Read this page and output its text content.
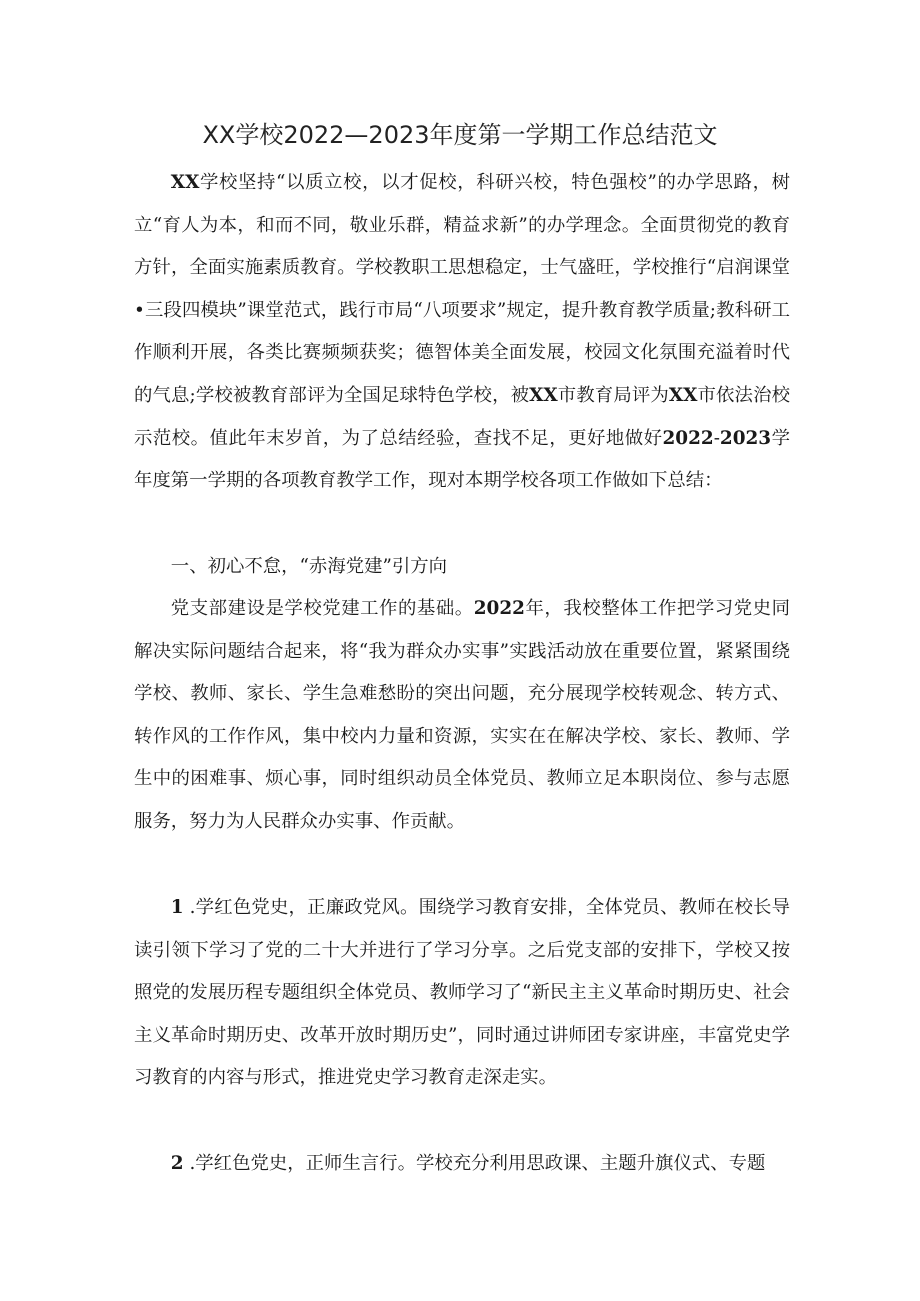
XX学校2022—2023年度第一学期工作总结范文

XX学校坚持“以质立校，以才促校，科研兴校，特色强校”的办学思路，树立“育人为本，和而不同，敬业乐群，精益求新”的办学理念。全面贯彻党的教育方针，全面实施素质教育。学校教职工思想稳定，士气盛旺，学校推行“启润课堂•三段四模块”课堂范式，践行市局“八项要求”规定，提升教育教学质量;教科研工作顺利开展，各类比赛频频获奖；德智体美全面发展，校园文化氛围充溢着时代的气息;学校被教育部评为全国足球特色学校，被XX市教育局评为XX市依法治校示范校。值此年末岁首，为了总结经验，查找不足，更好地做好2022-2023学年度第一学期的各项教育教学工作，现对本期学校各项工作做如下总结：

一、初心不怠，“赤海党建”引方向

党支部建设是学校党建工作的基础。2022年，我校整体工作把学习党史同解决实际问题结合起来，将“我为群众办实事”实践活动放在重要位置，紧紧围绕学校、教师、家长、学生急难愁盼的突出问题，充分展现学校转观念、转方式、转作风的工作作风，集中校内力量和资源，实实在在解决学校、家长、教师、学生中的困难事、烦心事，同时组织动员全体党员、教师立足本职岗位、参与志愿服务，努力为人民群众办实事、作贡献。

1 .学红色党史，正廉政党风。围绕学习教育安排，全体党员、教师在校长导读引领下学习了党的二十大并进行了学习分享。之后党支部的安排下，学校又按照党的发展历程专题组织全体党员、教师学习了“新民主主义革命时期历史、社会主义革命时期历史、改革开放时期历史”，同时通过讲师团专家讲座，丰富党史学习教育的内容与形式，推进党史学习教育走深走实。

2 .学红色党史，正师生言行。学校充分利用思政课、主题升旗仪式、专题
